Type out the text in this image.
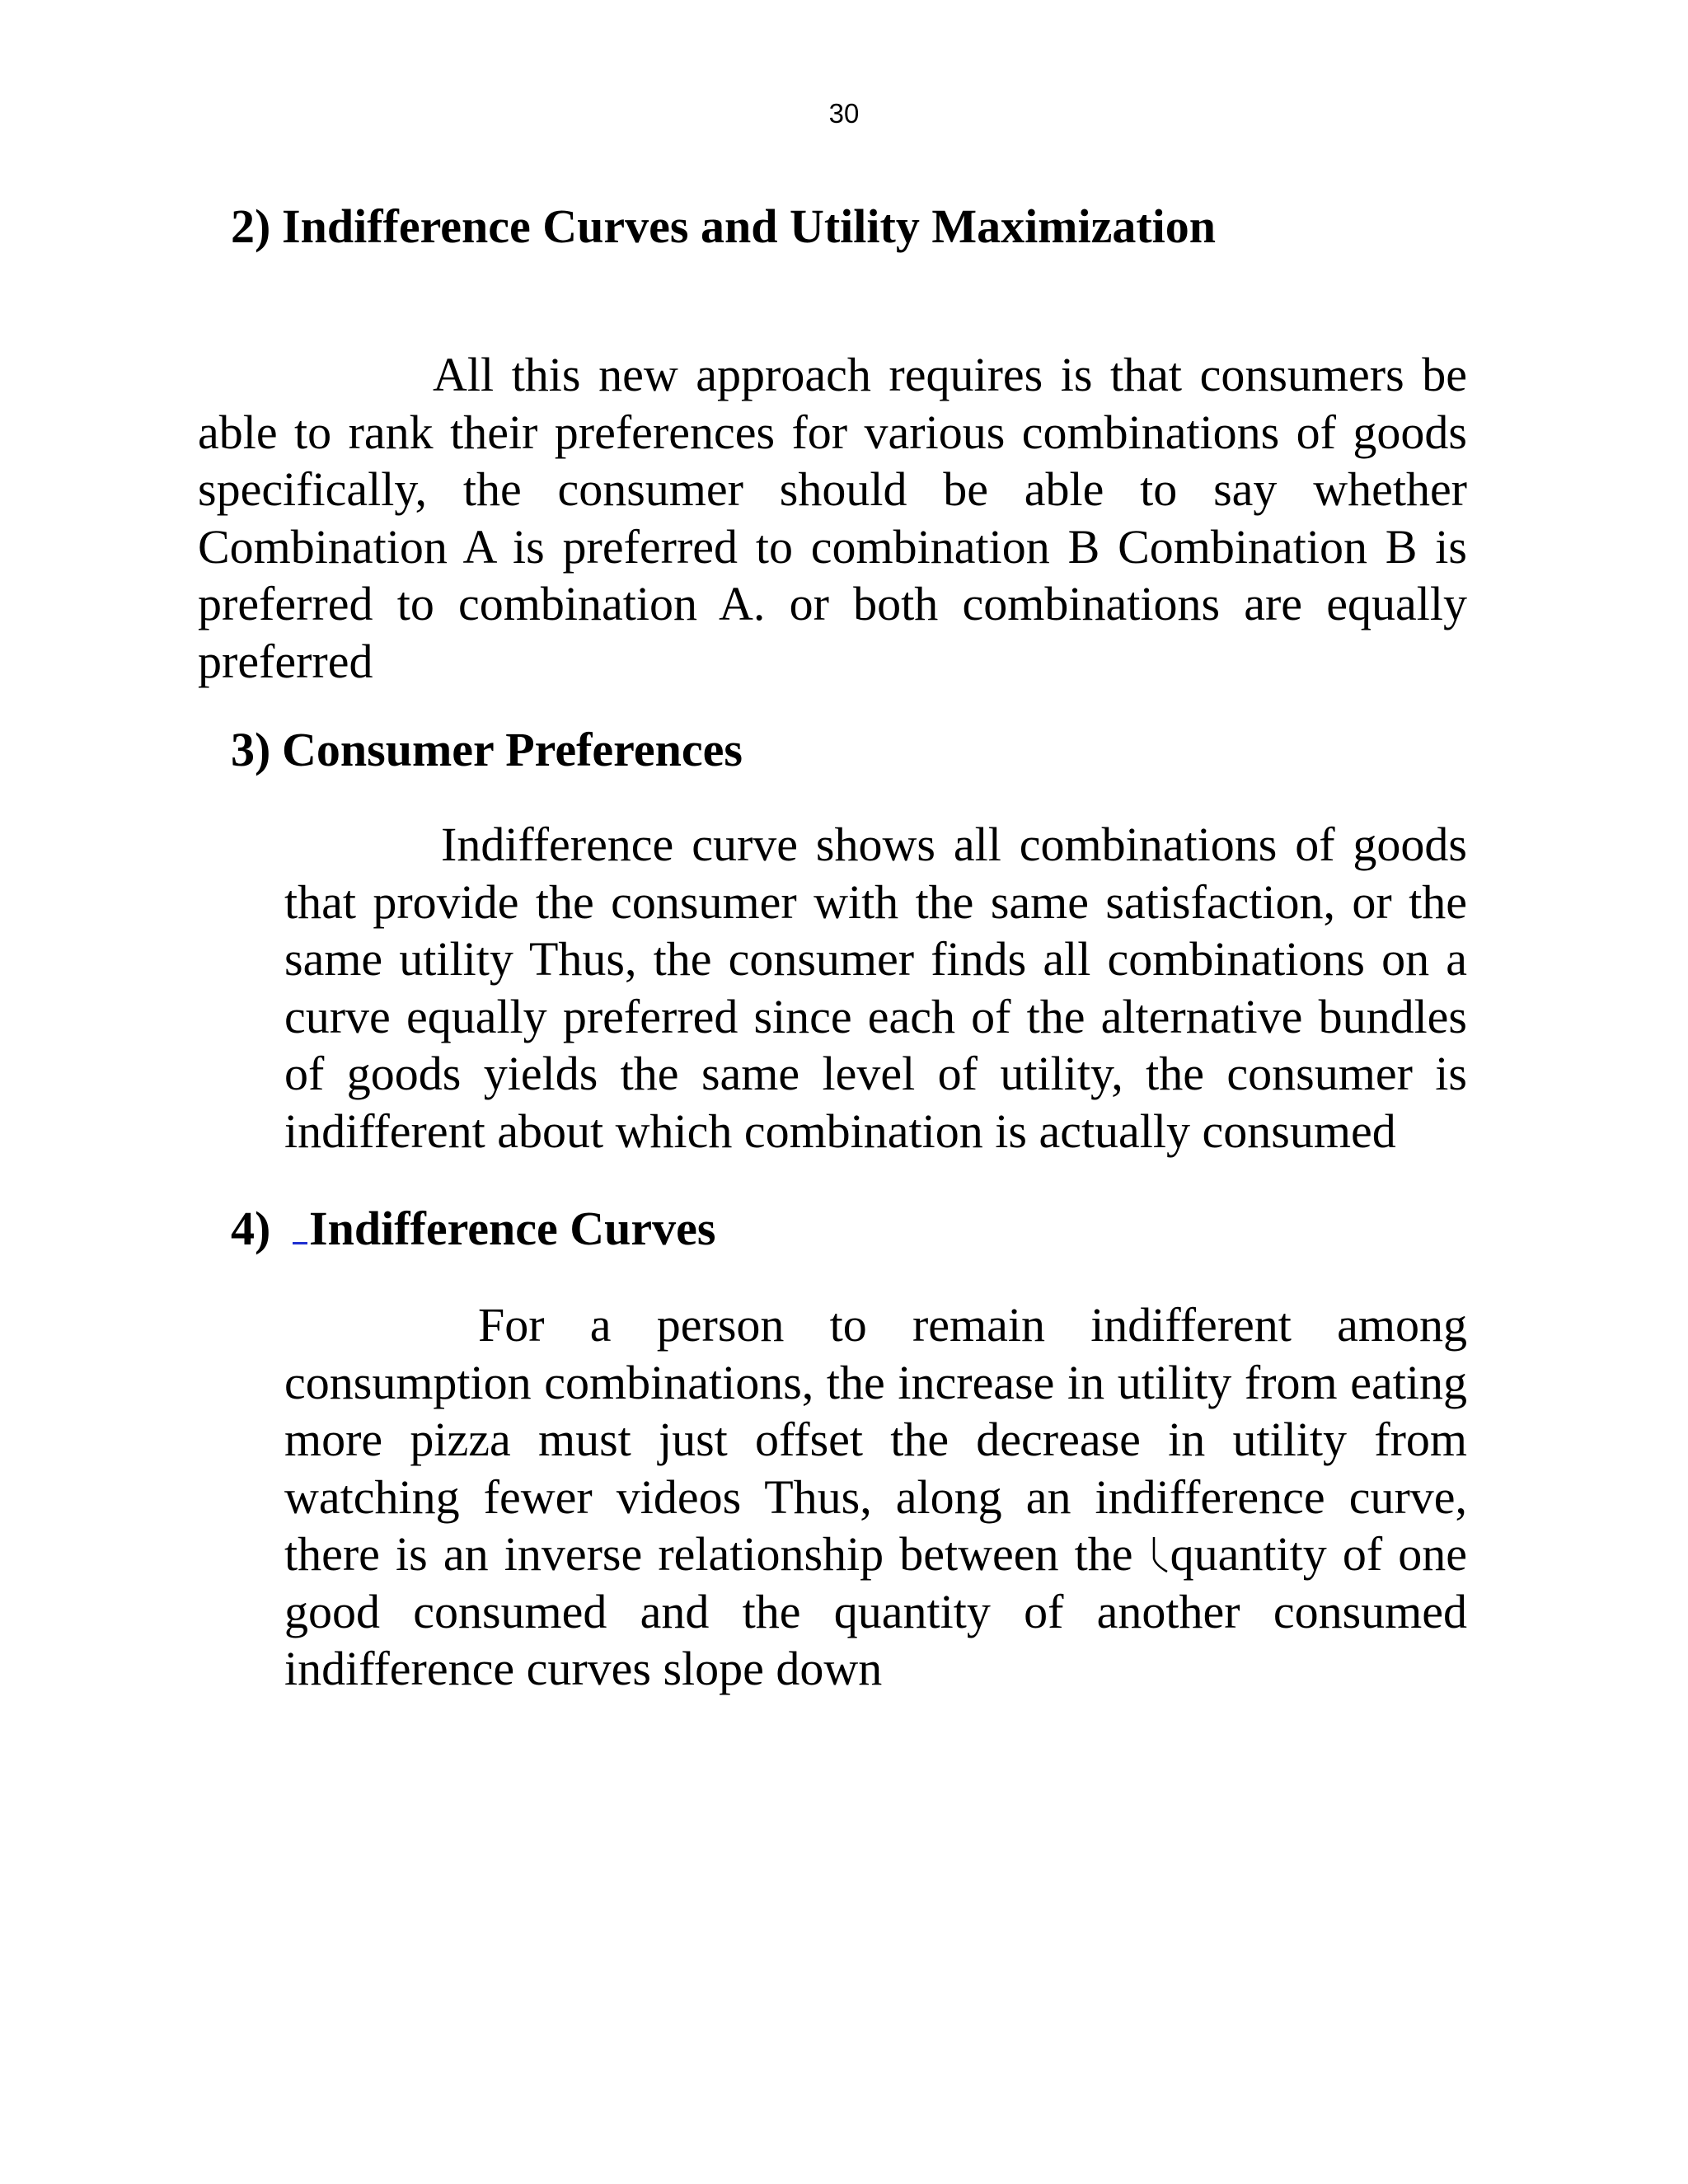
30
2) Indifference Curves and Utility Maximization

All this new approach requires is that consumers be able to rank their preferences for various combinations of goods specifically, the consumer should be able to say whether Combination A is preferred to combination B Combination B is preferred to combination A. or both combinations are equally preferred

3) Consumer Preferences

Indifference curve shows all combinations of goods that provide the consumer with the same satisfaction, or the same utility Thus, the consumer finds all combinations on a curve equally preferred since each of the alternative bundles of goods yields the same level of utility, the consumer is indifferent about which combination is actually consumed

4) Indifference Curves

For a person to remain indifferent among consumption combinations, the increase in utility from eating more pizza must just offset the decrease in utility from watching fewer videos Thus, along an indifference curve, there is an inverse relationship between the quantity of one good consumed and the quantity of another consumed indifference curves slope down
